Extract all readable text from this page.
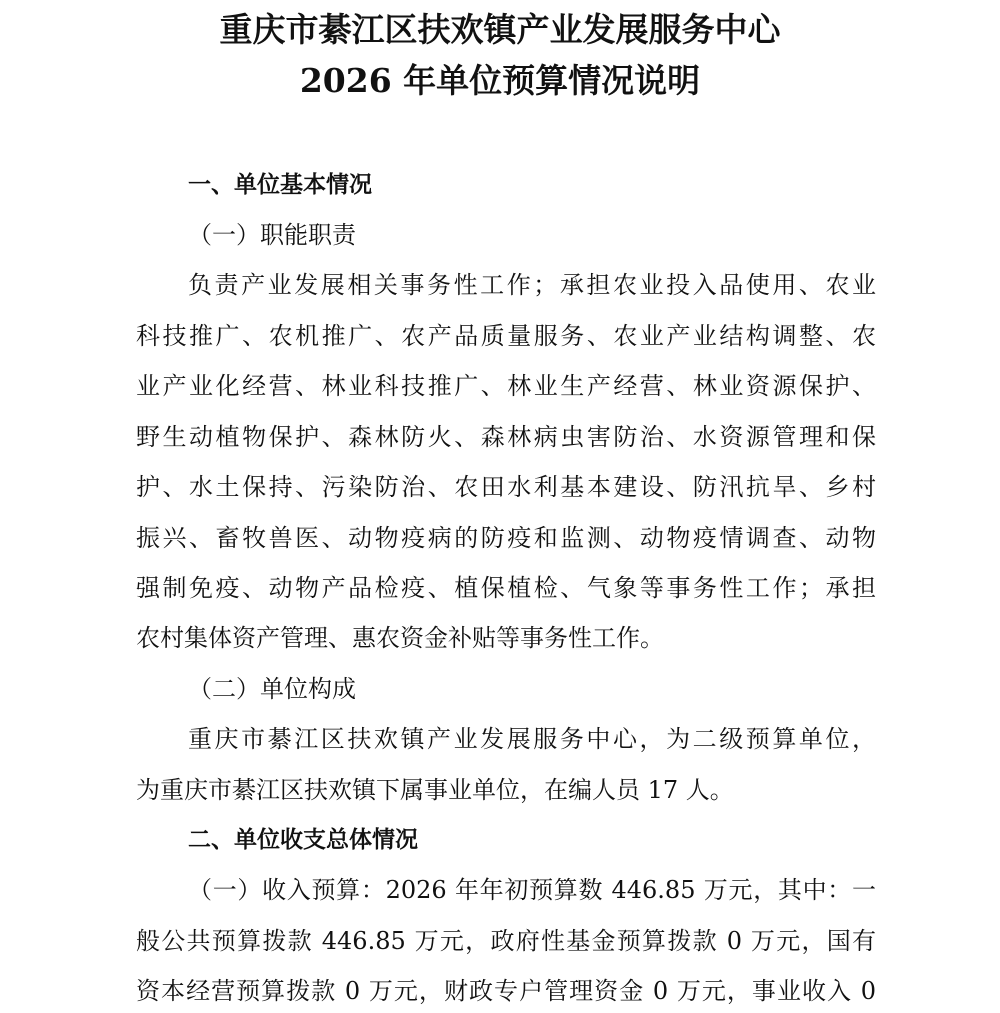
重庆市綦江区扶欢镇产业发展服务中心
2026 年单位预算情况说明
一、单位基本情况
（一）职能职责
负责产业发展相关事务性工作；承担农业投入品使用、农业
科技推广、农机推广、农产品质量服务、农业产业结构调整、农
业产业化经营、林业科技推广、林业生产经营、林业资源保护、
野生动植物保护、森林防火、森林病虫害防治、水资源管理和保
护、水土保持、污染防治、农田水利基本建设、防汛抗旱、乡村
振兴、畜牧兽医、动物疫病的防疫和监测、动物疫情调查、动物
强制免疫、动物产品检疫、植保植检、气象等事务性工作；承担
农村集体资产管理、惠农资金补贴等事务性工作。
（二）单位构成
重庆市綦江区扶欢镇产业发展服务中心，为二级预算单位，
为重庆市綦江区扶欢镇下属事业单位，在编人员 17 人。
二、单位收支总体情况
（一）收入预算：2026 年年初预算数 446.85 万元，其中：一
般公共预算拨款 446.85 万元，政府性基金预算拨款 0 万元，国有
资本经营预算拨款 0 万元，财政专户管理资金 0 万元，事业收入 0
